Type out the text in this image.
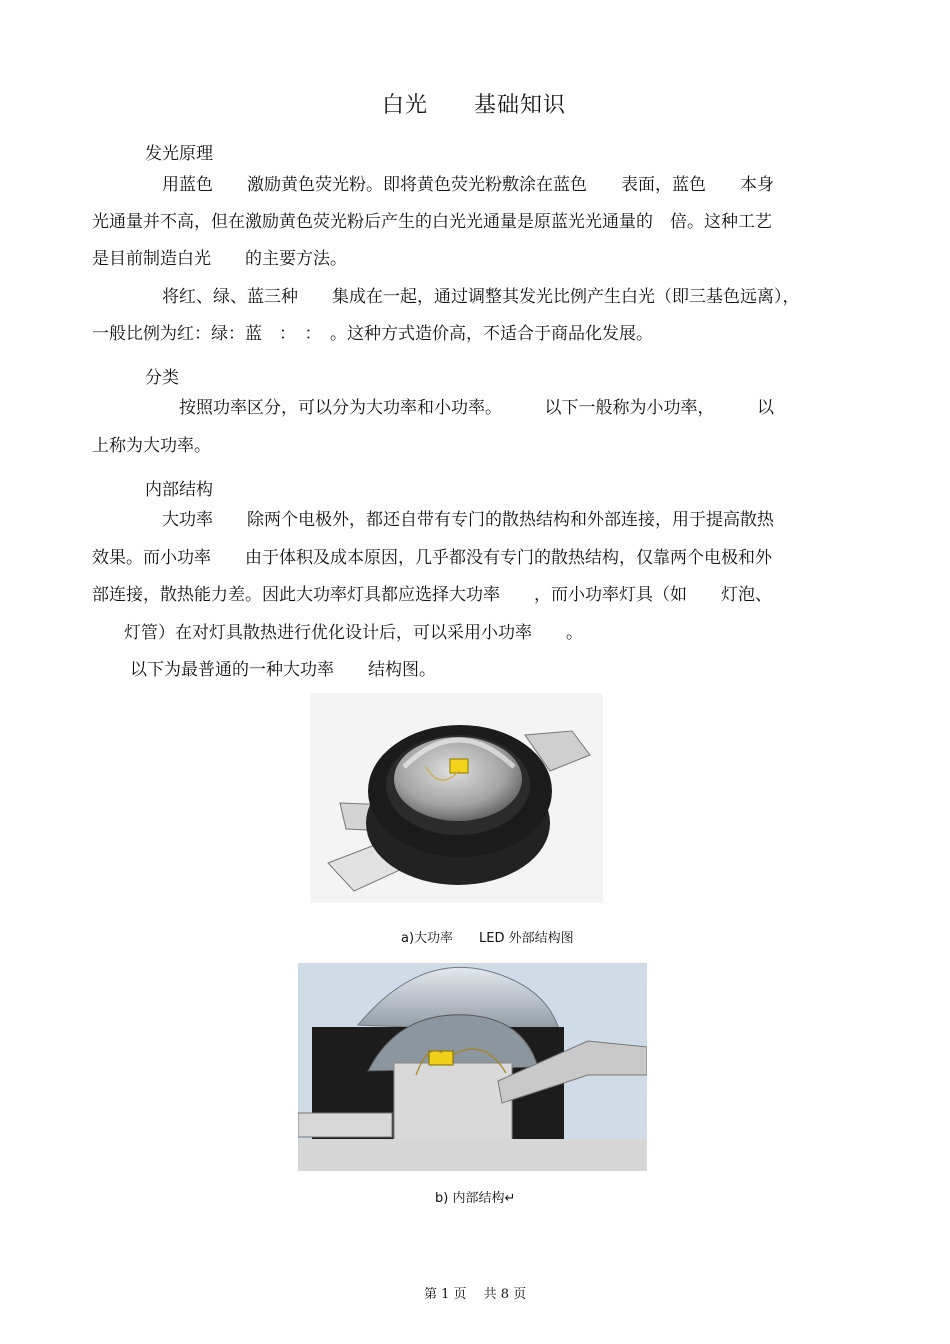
白光　　基础知识
发光原理
　用蓝色　　激励黄色荧光粉。即将黄色荧光粉敷涂在蓝色　　表面，蓝色　　本身
光通量并不高，但在激励黄色荧光粉后产生的白光光通量是原蓝光光通量的　倍。这种工艺
是目前制造白光　　的主要方法。
　将红、绿、蓝三种　　集成在一起，通过调整其发光比例产生白光（即三基色远离），
一般比例为红：绿：蓝　：　：　。这种方式造价高，不适合于商品化发展。
分类
　　按照功率区分，可以分为大功率和小功率。　　　以下一般称为小功率，　　　以
上称为大功率。
内部结构
　大功率　　除两个电极外，都还自带有专门的散热结构和外部连接，用于提高散热
效果。而小功率　　由于体积及成本原因，几乎都没有专门的散热结构，仅靠两个电极和外
部连接，散热能力差。因此大功率灯具都应选择大功率　　，而小功率灯具（如　　灯泡、
　灯管）在对灯具散热进行优化设计后，可以采用小功率　　。
以下为最普通的一种大功率　　结构图。
a)大功率　　LED 外部结构图
b) 内部结构↵
第 1 页　 共 8 页
